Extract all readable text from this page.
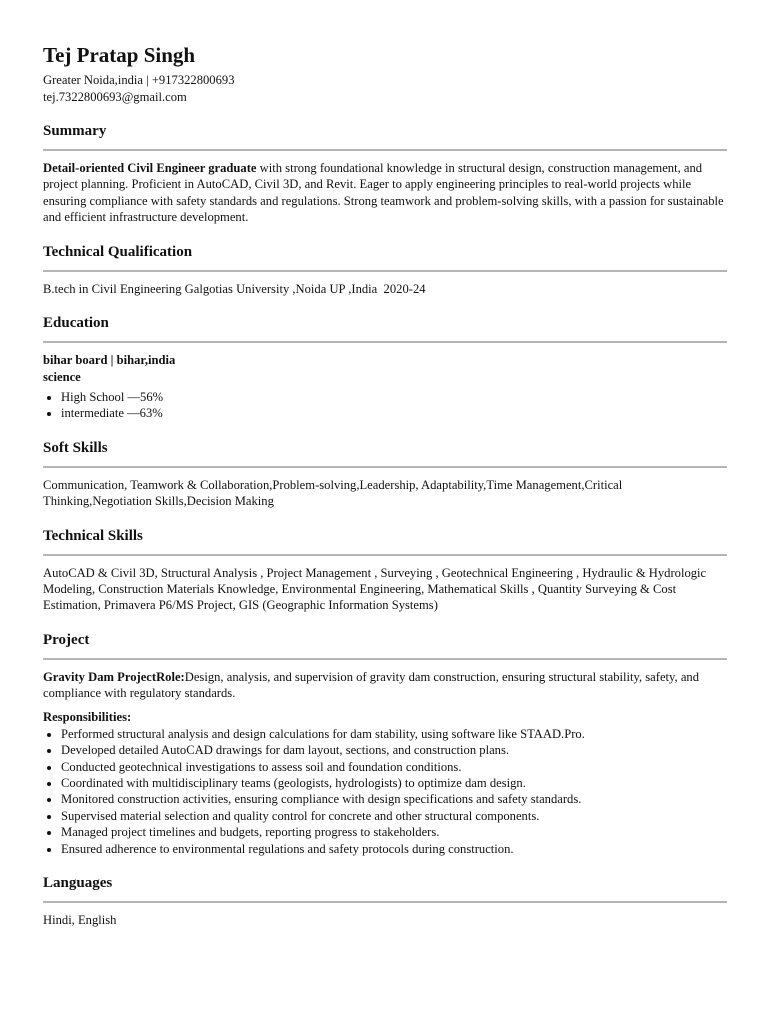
Tej Pratap Singh
Greater Noida,india | +917322800693
tej.7322800693@gmail.com
Summary

Detail-oriented Civil Engineer graduate with strong foundational knowledge in structural design, construction management, and project planning. Proficient in AutoCAD, Civil 3D, and Revit. Eager to apply engineering principles to real-world projects while ensuring compliance with safety standards and regulations. Strong teamwork and problem-solving skills, with a passion for sustainable and efficient infrastructure development.

Technical Qualification

B.tech in Civil Engineering Galgotias University ,Noida UP ,India  2020-24

Education
bihar board | bihar,india
science
• High School —56%
• intermediate —63%
Soft Skills

Communication, Teamwork & Collaboration,Problem-solving,Leadership, Adaptability,Time Management,Critical Thinking,Negotiation Skills,Decision Making

Technical Skills

AutoCAD & Civil 3D, Structural Analysis , Project Management , Surveying , Geotechnical Engineering , Hydraulic & Hydrologic Modeling, Construction Materials Knowledge, Environmental Engineering, Mathematical Skills , Quantity Surveying & Cost Estimation, Primavera P6/MS Project, GIS (Geographic Information Systems)

Project

Gravity Dam ProjectRole:Design, analysis, and supervision of gravity dam construction, ensuring structural stability, safety, and compliance with regulatory standards.

Responsibilities:
• Performed structural analysis and design calculations for dam stability, using software like STAAD.Pro.
• Developed detailed AutoCAD drawings for dam layout, sections, and construction plans.
• Conducted geotechnical investigations to assess soil and foundation conditions.
• Coordinated with multidisciplinary teams (geologists, hydrologists) to optimize dam design.
• Monitored construction activities, ensuring compliance with design specifications and safety standards.
• Supervised material selection and quality control for concrete and other structural components.
• Managed project timelines and budgets, reporting progress to stakeholders.
• Ensured adherence to environmental regulations and safety protocols during construction.
Languages

Hindi, English
